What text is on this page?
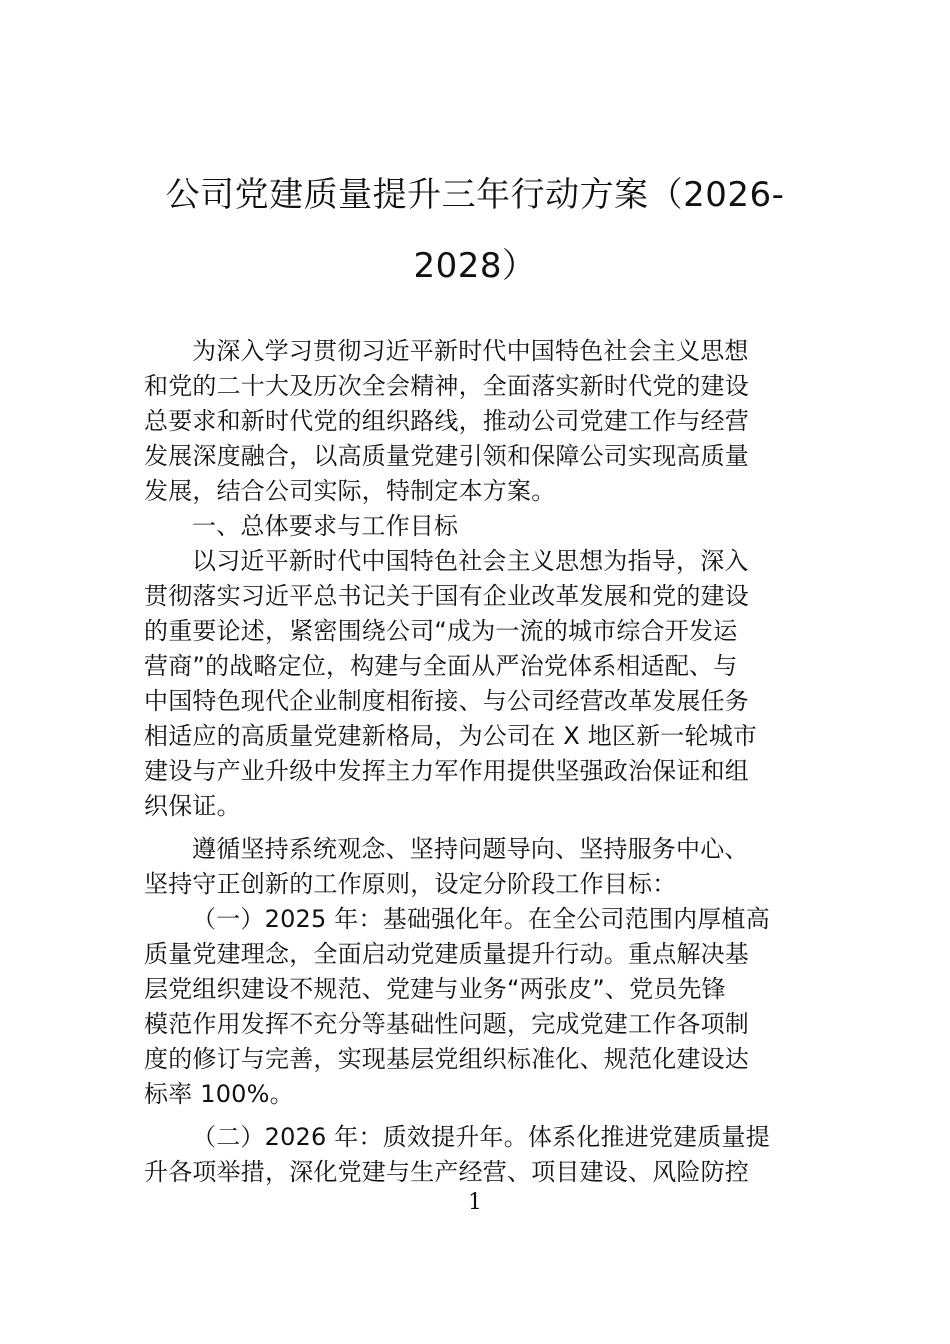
公司党建质量提升三年行动方案（2026-
2028）
为深入学习贯彻习近平新时代中国特色社会主义思想
和党的二十大及历次全会精神，全面落实新时代党的建设
总要求和新时代党的组织路线，推动公司党建工作与经营
发展深度融合，以高质量党建引领和保障公司实现高质量
发展，结合公司实际，特制定本方案。
一、总体要求与工作目标
以习近平新时代中国特色社会主义思想为指导，深入
贯彻落实习近平总书记关于国有企业改革发展和党的建设
的重要论述，紧密围绕公司“成为一流的城市综合开发运
营商”的战略定位，构建与全面从严治党体系相适配、与
中国特色现代企业制度相衔接、与公司经营改革发展任务
相适应的高质量党建新格局，为公司在 X 地区新一轮城市
建设与产业升级中发挥主力军作用提供坚强政治保证和组
织保证。
遵循坚持系统观念、坚持问题导向、坚持服务中心、
坚持守正创新的工作原则，设定分阶段工作目标：
（一）2025 年：基础强化年。在全公司范围内厚植高
质量党建理念，全面启动党建质量提升行动。重点解决基
层党组织建设不规范、党建与业务“两张皮”、党员先锋
模范作用发挥不充分等基础性问题，完成党建工作各项制
度的修订与完善，实现基层党组织标准化、规范化建设达
标率 100%。
（二）2026 年：质效提升年。体系化推进党建质量提
升各项举措，深化党建与生产经营、项目建设、风险防控
1
